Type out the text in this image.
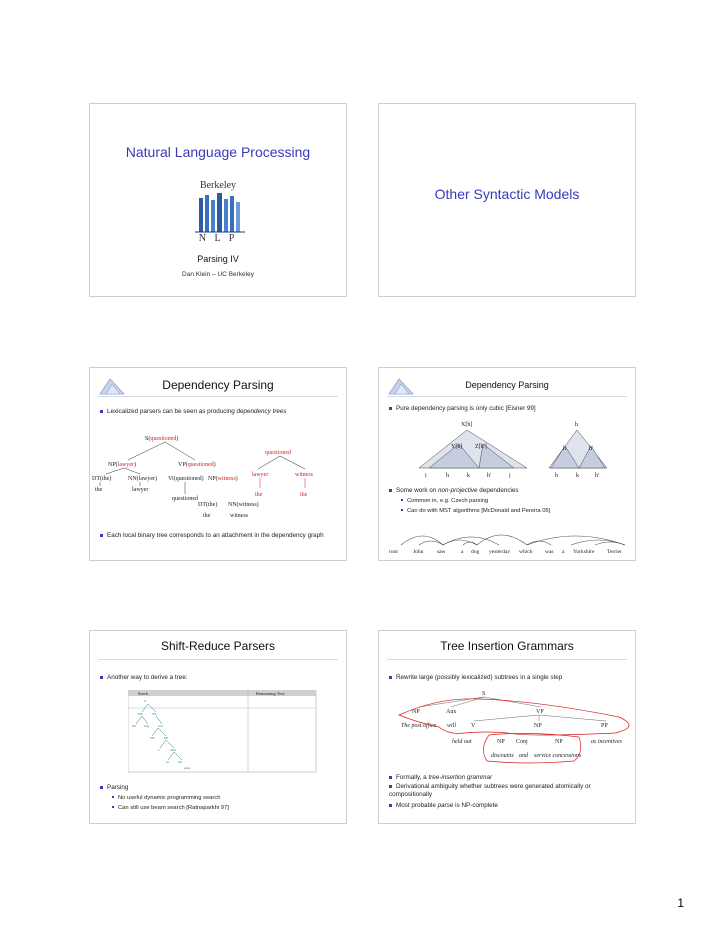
Natural Language Processing
Berkeley
N L P
Parsing IV
Dan Klein – UC Berkeley
Other Syntactic Models
Dependency Parsing
Lexicalized parsers can be seen as producing dependency trees
S(questioned)
NP(lawyer)	VP(questioned)
DT(the)	NN(lawyer) Vi(questioned) NP(witness)
the	lawyer
questioned
DT(the) NN(witness)
the	witness
questioned
lawyer	witness
the	the
Each local binary tree corresponds to an attachment in the dependency graph
Dependency Parsing
Pure dependency parsing is only cubic [Eisner 99]
X[h]	h
Y[h] Z[h']	h	h'
i	h	k	h'	j	h	k	h'
Some work on non-projective dependencies
Common in, e.g. Czech parsing
Can do with MST algorithms [McDonald and Pereira 05]
root	John saw	a dog yesterday which was a Yorkshire Terrier
Shift-Reduce Parsers
Another way to derive a tree:
Stack	Remaining Text
S
NP	VP
the dog	saw
NP	PP
a	man
in	the
park
Parsing
No useful dynamic programming search
Can still use beam search [Ratnaparkhi 97]
Tree Insertion Grammars
Rewrite large (possibly lexicalized) subtrees in a single step
S
NP	Aux	VP
The post office will V	NP	PP
held out	NP Conj	NP	as incentives
discounts and service concessions
Formally, a tree-insertion grammar
Derivational ambiguity whether subtrees were generated atomically or compositionally
Most probable parse is NP-complete
1
